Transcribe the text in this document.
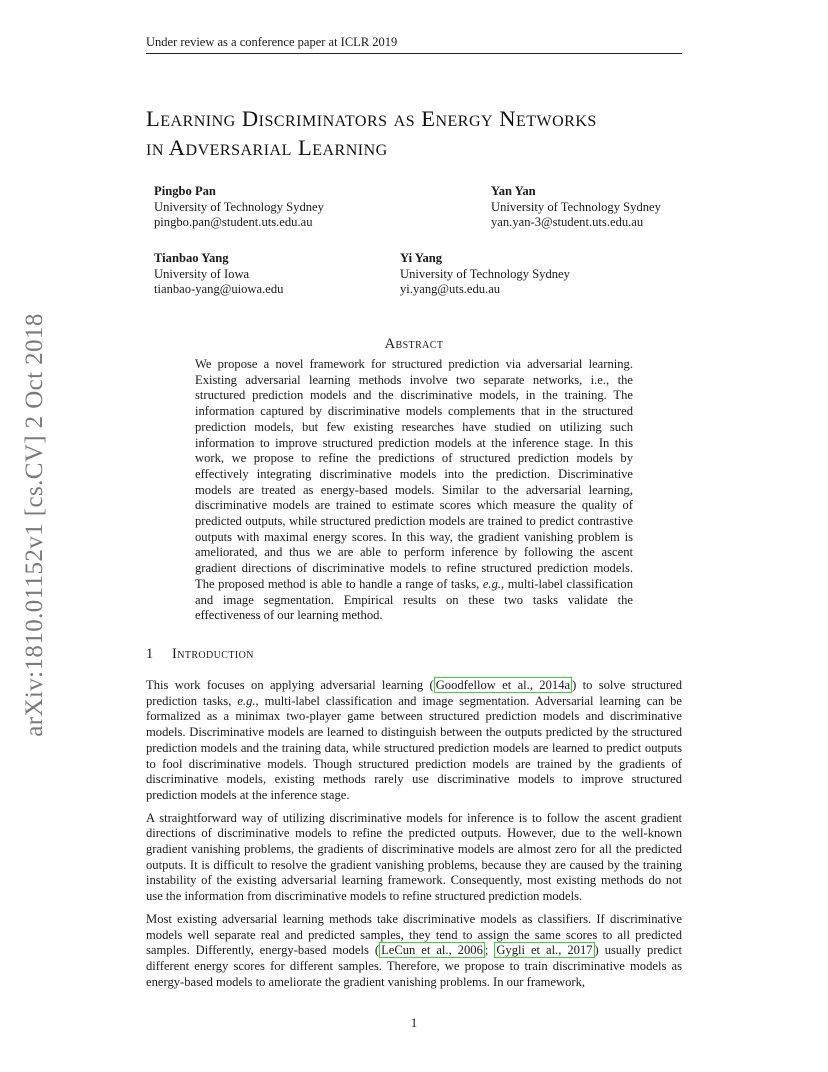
Under review as a conference paper at ICLR 2019
arXiv:1810.01152v1 [cs.CV] 2 Oct 2018
Learning Discriminators as Energy Networks
in Adversarial Learning
Pingbo Pan
University of Technology Sydney
pingbo.pan@student.uts.edu.au
Yan Yan
University of Technology Sydney
yan.yan-3@student.uts.edu.au
Tianbao Yang
University of Iowa
tianbao-yang@uiowa.edu
Yi Yang
University of Technology Sydney
yi.yang@uts.edu.au
Abstract
We propose a novel framework for structured prediction via adversarial learning. Existing adversarial learning methods involve two separate networks, i.e., the structured prediction models and the discriminative models, in the training. The information captured by discriminative models complements that in the structured prediction models, but few existing researches have studied on utilizing such information to improve structured prediction models at the inference stage. In this work, we propose to refine the predictions of structured prediction models by effectively integrating discriminative models into the prediction. Discriminative models are treated as energy-based models. Similar to the adversarial learning, discriminative models are trained to estimate scores which measure the quality of predicted outputs, while structured prediction models are trained to predict contrastive outputs with maximal energy scores. In this way, the gradient vanishing problem is ameliorated, and thus we are able to perform inference by following the ascent gradient directions of discriminative models to refine structured prediction models. The proposed method is able to handle a range of tasks, e.g., multi-label classification and image segmentation. Empirical results on these two tasks validate the effectiveness of our learning method.
1 Introduction

This work focuses on applying adversarial learning ( Goodfellow et al., 2014a ) to solve structured prediction tasks, e.g., multi-label classification and image segmentation. Adversarial learning can be formalized as a minimax two-player game between structured prediction models and discriminative models. Discriminative models are learned to distinguish between the outputs predicted by the structured prediction models and the training data, while structured prediction models are learned to predict outputs to fool discriminative models. Though structured prediction models are trained by the gradients of discriminative models, existing methods rarely use discriminative models to improve structured prediction models at the inference stage.

A straightforward way of utilizing discriminative models for inference is to follow the ascent gradient directions of discriminative models to refine the predicted outputs. However, due to the well-known gradient vanishing problems, the gradients of discriminative models are almost zero for all the predicted outputs. It is difficult to resolve the gradient vanishing problems, because they are caused by the training instability of the existing adversarial learning framework. Consequently, most existing methods do not use the information from discriminative models to refine structured prediction models.

Most existing adversarial learning methods take discriminative models as classifiers. If discriminative models well separate real and predicted samples, they tend to assign the same scores to all predicted samples. Differently, energy-based models ( LeCun et al., 2006 ; Gygli et al., 2017 ) usually predict different energy scores for different samples. Therefore, we propose to train discriminative models as energy-based models to ameliorate the gradient vanishing problems. In our framework,

1
